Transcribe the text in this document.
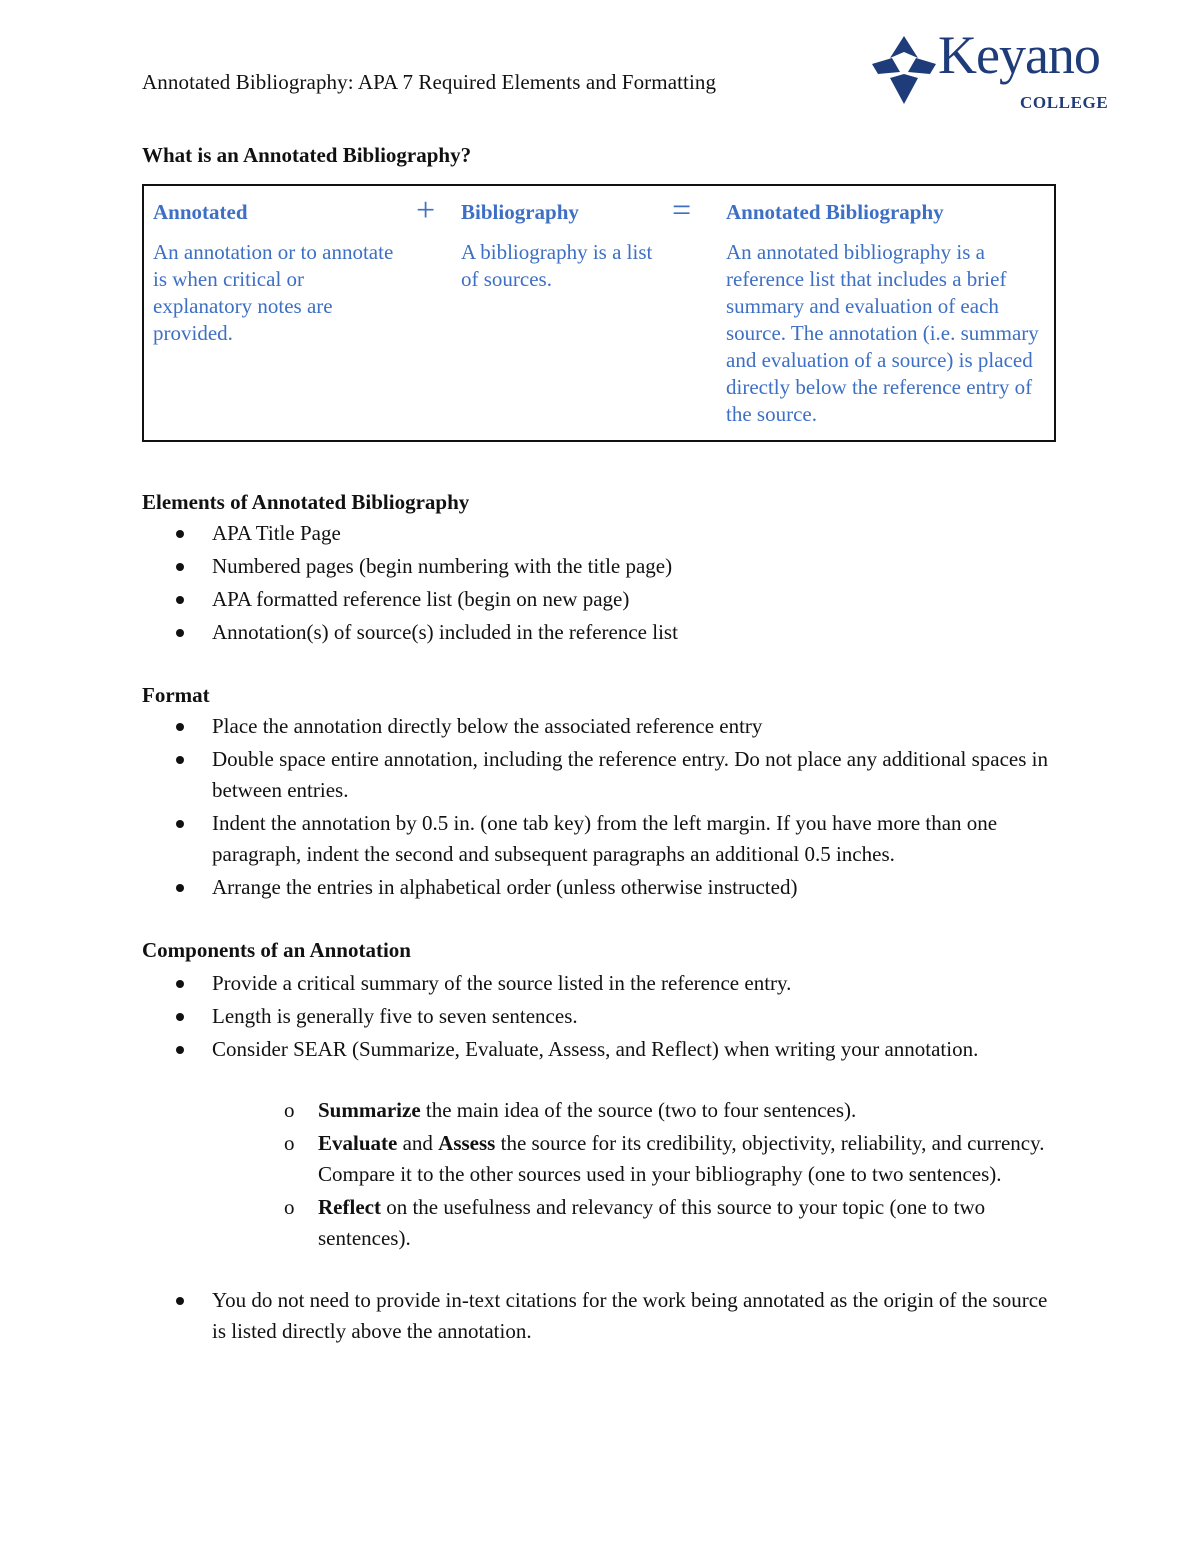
Annotated Bibliography: APA 7 Required Elements and Formatting	Keyano
COLLEGE
What is an Annotated Bibliography?
Annotated
An annotation or to annotate is when critical or explanatory notes are provided.
+ Bibliography
A bibliography is a list of sources.
= Annotated Bibliography
An annotated bibliography is a reference list that includes a brief summary and evaluation of each source. The annotation (i.e. summary and evaluation of a source) is placed directly below the reference entry of the source.
Elements of Annotated Bibliography
APA Title Page
Numbered pages (begin numbering with the title page)
APA formatted reference list (begin on new page)
Annotation(s) of source(s) included in the reference list
Format
Place the annotation directly below the associated reference entry
Double space entire annotation, including the reference entry. Do not place any additional spaces in between entries.
Indent the annotation by 0.5 in. (one tab key) from the left margin. If you have more than one paragraph, indent the second and subsequent paragraphs an additional 0.5 inches.
Arrange the entries in alphabetical order (unless otherwise instructed)
Components of an Annotation
Provide a critical summary of the source listed in the reference entry.
Length is generally five to seven sentences.
Consider SEAR (Summarize, Evaluate, Assess, and Reflect) when writing your annotation.
o Summarize the main idea of the source (two to four sentences).
o Evaluate and Assess the source for its credibility, objectivity, reliability, and currency. Compare it to the other sources used in your bibliography (one to two sentences).
o Reflect on the usefulness and relevancy of this source to your topic (one to two sentences).
You do not need to provide in-text citations for the work being annotated as the origin of the source is listed directly above the annotation.
